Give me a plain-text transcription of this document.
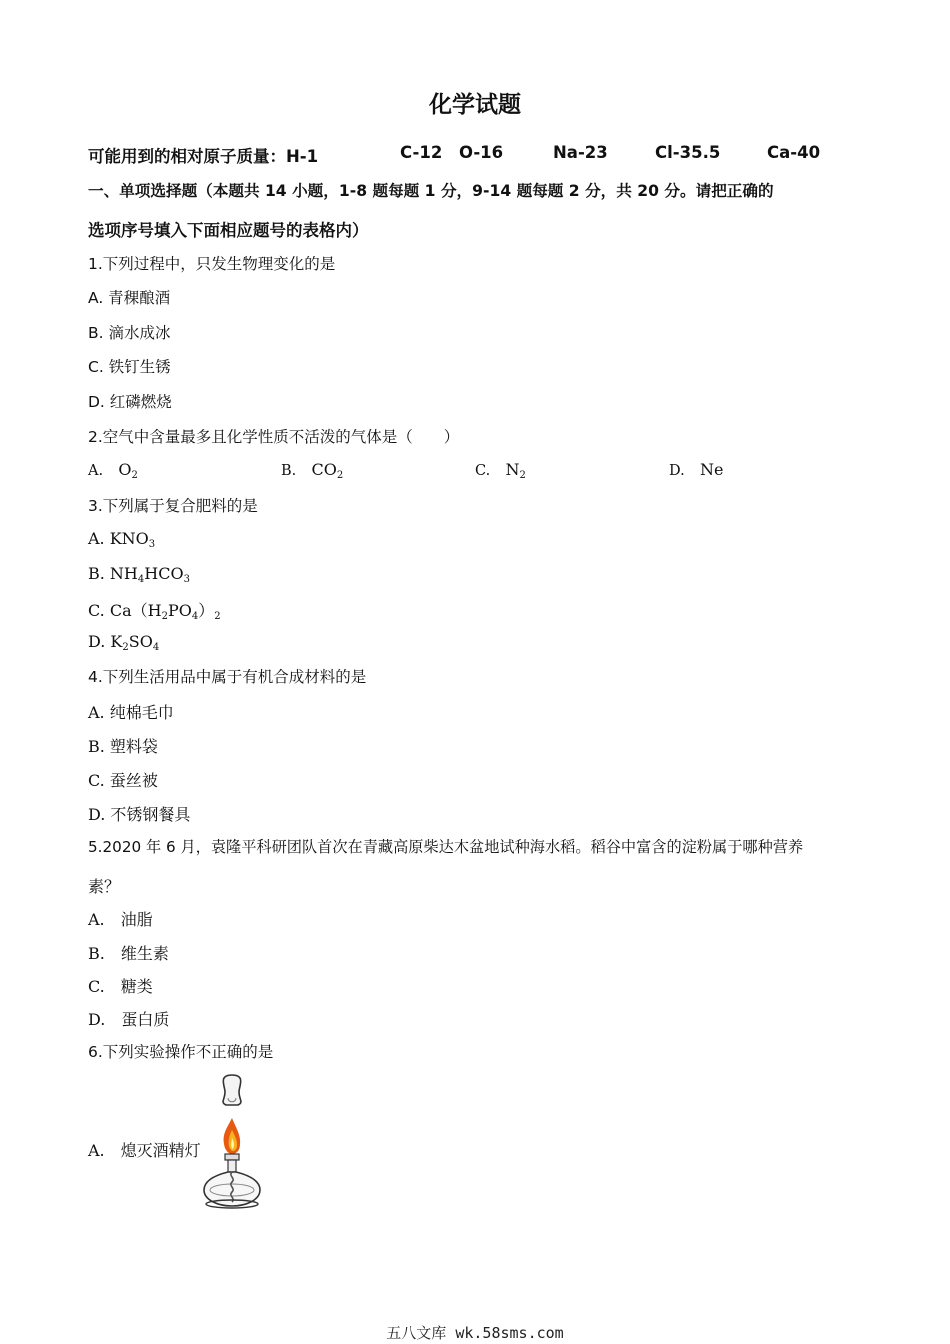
化学试题
可能用到的相对原子质量：H-1	C-12 O-16	Na-23	Cl-35.5	Ca-40
一、单项选择题（本题共 14 小题，1-8 题每题 1 分，9-14 题每题 2 分，共 20 分。请把正确的
选项序号填入下面相应题号的表格内）
1.下列过程中，只发生物理变化的是
A. 青稞酿酒
B. 滴水成冰
C. 铁钉生锈
D. 红磷燃烧
2.空气中含量最多且化学性质不活泼的气体是（　　）
A. $O_2$	B. $CO_2$	C. $N_2$	D. Ne
3.下列属于复合肥料的是
A. $KNO_3$
B. $NH_4HCO_3$
C. $Ca(H_2PO_4)_2$
D. $K_2SO_4$
4.下列生活用品中属于有机合成材料的是
A. 纯棉毛巾
B. 塑料袋
C. 蚕丝被
D. 不锈钢餐具
5.2020 年 6 月，袁隆平科研团队首次在青藏高原柴达木盆地试种海水稻。稻谷中富含的淀粉属于哪种营养
素？
A.　油脂
B.　维生素
C.　糖类
D.　蛋白质
6.下列实验操作不正确的是
A.　熄灭酒精灯
五八文库 wk.58sms.com
